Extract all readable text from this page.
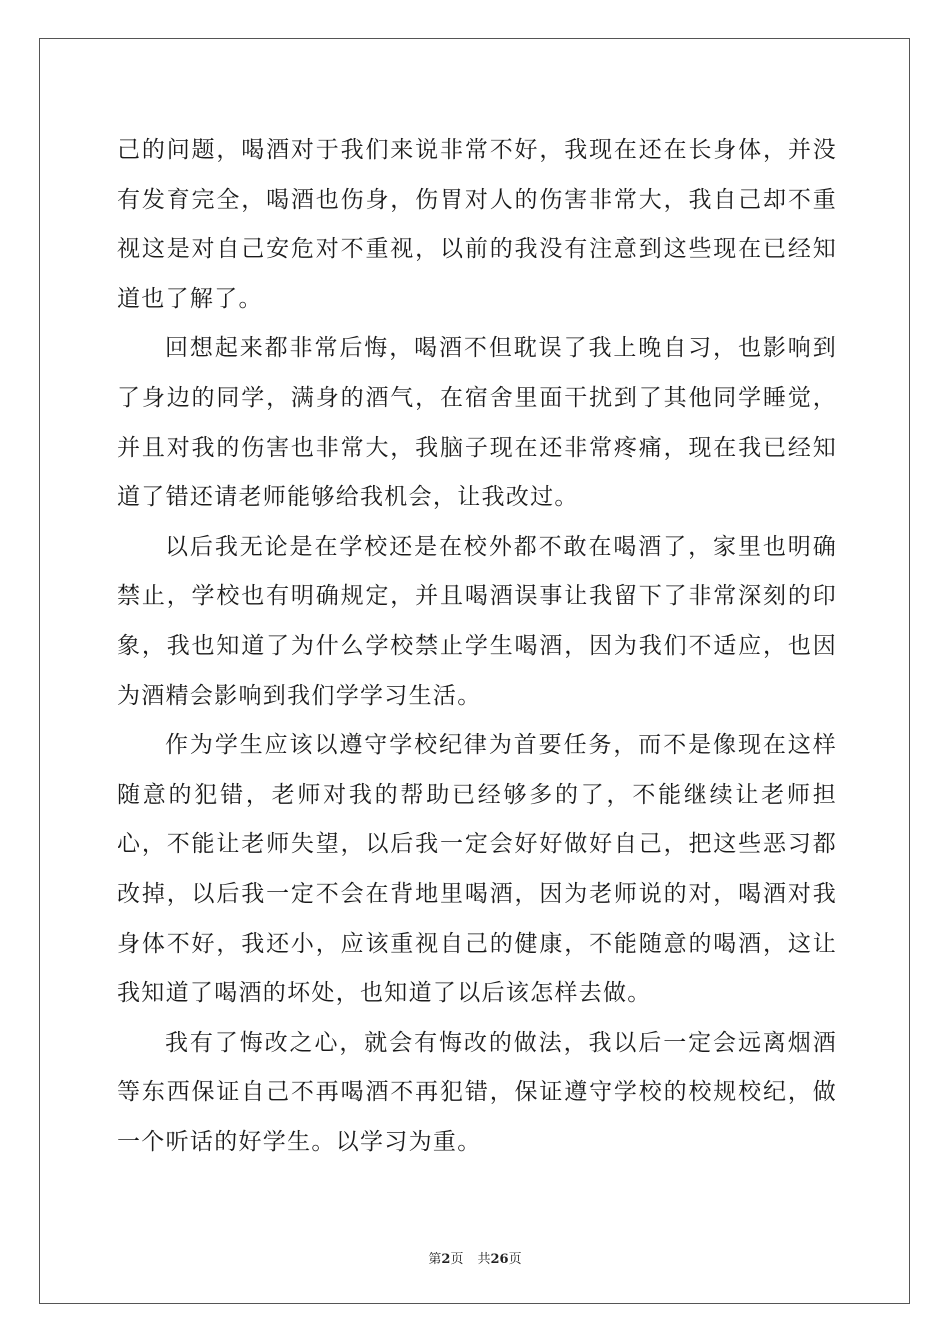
己的问题，喝酒对于我们来说非常不好，我现在还在长身体，并没有发育完全，喝酒也伤身，伤胃对人的伤害非常大，我自己却不重视这是对自己安危对不重视，以前的我没有注意到这些现在已经知道也了解了。

回想起来都非常后悔，喝酒不但耽误了我上晚自习，也影响到了身边的同学，满身的酒气，在宿舍里面干扰到了其他同学睡觉，并且对我的伤害也非常大，我脑子现在还非常疼痛，现在我已经知道了错还请老师能够给我机会，让我改过。

以后我无论是在学校还是在校外都不敢在喝酒了，家里也明确禁止，学校也有明确规定，并且喝酒误事让我留下了非常深刻的印象，我也知道了为什么学校禁止学生喝酒，因为我们不适应，也因为酒精会影响到我们学学习生活。

作为学生应该以遵守学校纪律为首要任务，而不是像现在这样随意的犯错，老师对我的帮助已经够多的了，不能继续让老师担心，不能让老师失望，以后我一定会好好做好自己，把这些恶习都改掉，以后我一定不会在背地里喝酒，因为老师说的对，喝酒对我身体不好，我还小，应该重视自己的健康，不能随意的喝酒，这让我知道了喝酒的坏处，也知道了以后该怎样去做。

我有了悔改之心，就会有悔改的做法，我以后一定会远离烟酒等东西保证自己不再喝酒不再犯错，保证遵守学校的校规校纪，做一个听话的好学生。以学习为重。

第2页 共26页
